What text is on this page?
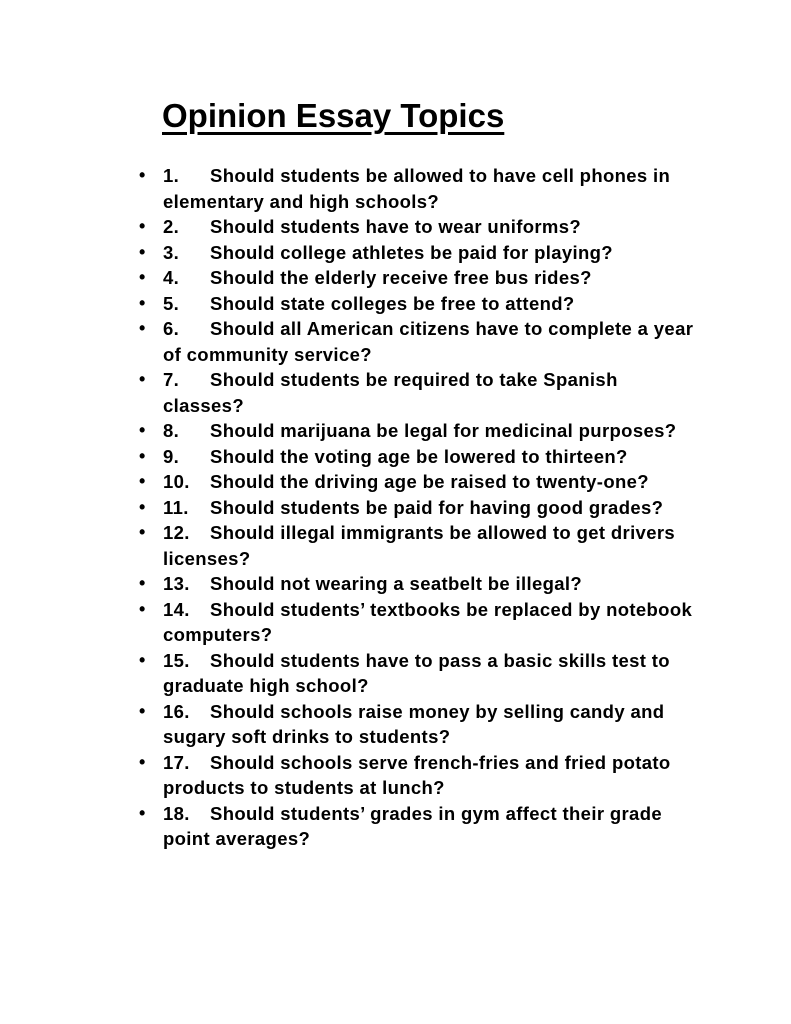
Opinion Essay Topics
• 1. Should students be allowed to have cell phones in elementary and high schools?
• 2. Should students have to wear uniforms?
• 3. Should college athletes be paid for playing?
• 4. Should the elderly receive free bus rides?
• 5. Should state colleges be free to attend?
• 6. Should all American citizens have to complete a year of community service?
• 7. Should students be required to take Spanish classes?
• 8. Should marijuana be legal for medicinal purposes?
• 9. Should the voting age be lowered to thirteen?
• 10. Should the driving age be raised to twenty-one?
• 11. Should students be paid for having good grades?
• 12. Should illegal immigrants be allowed to get drivers licenses?
• 13. Should not wearing a seatbelt be illegal?
• 14. Should students’ textbooks be replaced by notebook computers?
• 15. Should students have to pass a basic skills test to graduate high school?
• 16. Should schools raise money by selling candy and sugary soft drinks to students?
• 17. Should schools serve french-fries and fried potato products to students at lunch?
• 18. Should students’ grades in gym affect their grade point averages?
